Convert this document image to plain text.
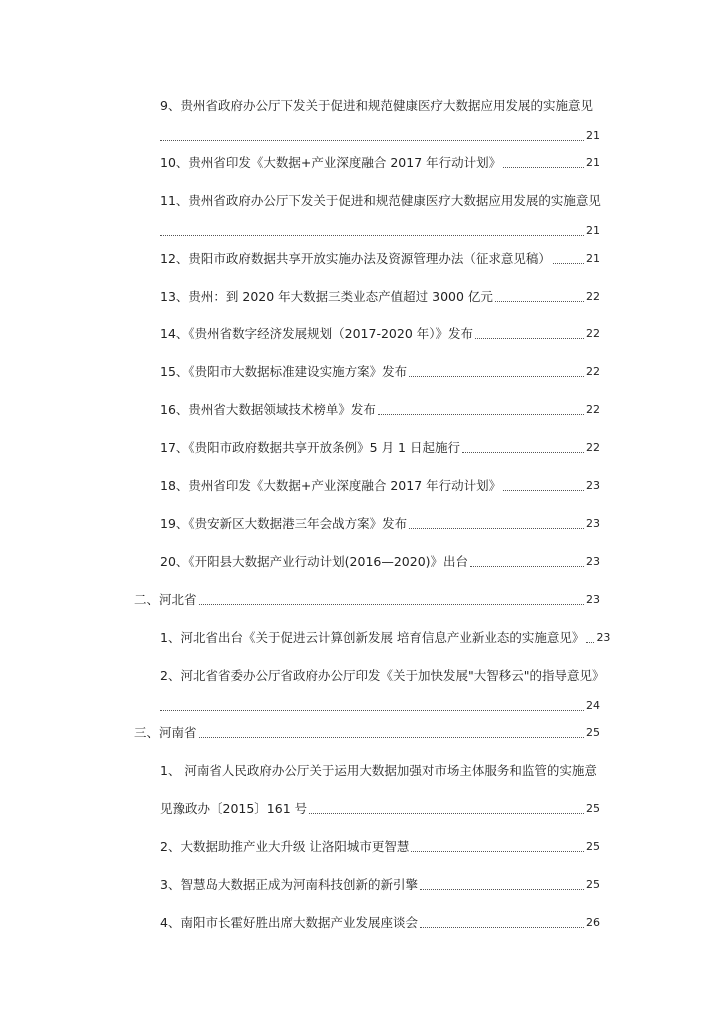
9、贵州省政府办公厅下发关于促进和规范健康医疗大数据应用发展的实施意见
21
10、贵州省印发《大数据+产业深度融合 2017 年行动计划》	21
11、贵州省政府办公厅下发关于促进和规范健康医疗大数据应用发展的实施意见
21
12、贵阳市政府数据共享开放实施办法及资源管理办法（征求意见稿）	21
13、贵州：到 2020 年大数据三类业态产值超过 3000 亿元	22
14、《贵州省数字经济发展规划（2017-2020 年）》发布	22
15、《贵阳市大数据标准建设实施方案》发布	22
16、贵州省大数据领域技术榜单》发布	22
17、《贵阳市政府数据共享开放条例》5 月 1 日起施行	22
18、贵州省印发《大数据+产业深度融合 2017 年行动计划》	23
19、《贵安新区大数据港三年会战方案》发布	23
20、《开阳县大数据产业行动计划(2016—2020)》出台	23
二、河北省	23
1、河北省出台《关于促进云计算创新发展 培育信息产业新业态的实施意见》 23
2、河北省省委办公厅省政府办公厅印发《关于加快发展"大智移云"的指导意见》
24
三、河南省	25
1、 河南省人民政府办公厅关于运用大数据加强对市场主体服务和监管的实施意
见豫政办〔2015〕161 号	25
2、大数据助推产业大升级 让洛阳城市更智慧	25
3、智慧岛大数据正成为河南科技创新的新引擎	25
4、南阳市长霍好胜出席大数据产业发展座谈会	26
